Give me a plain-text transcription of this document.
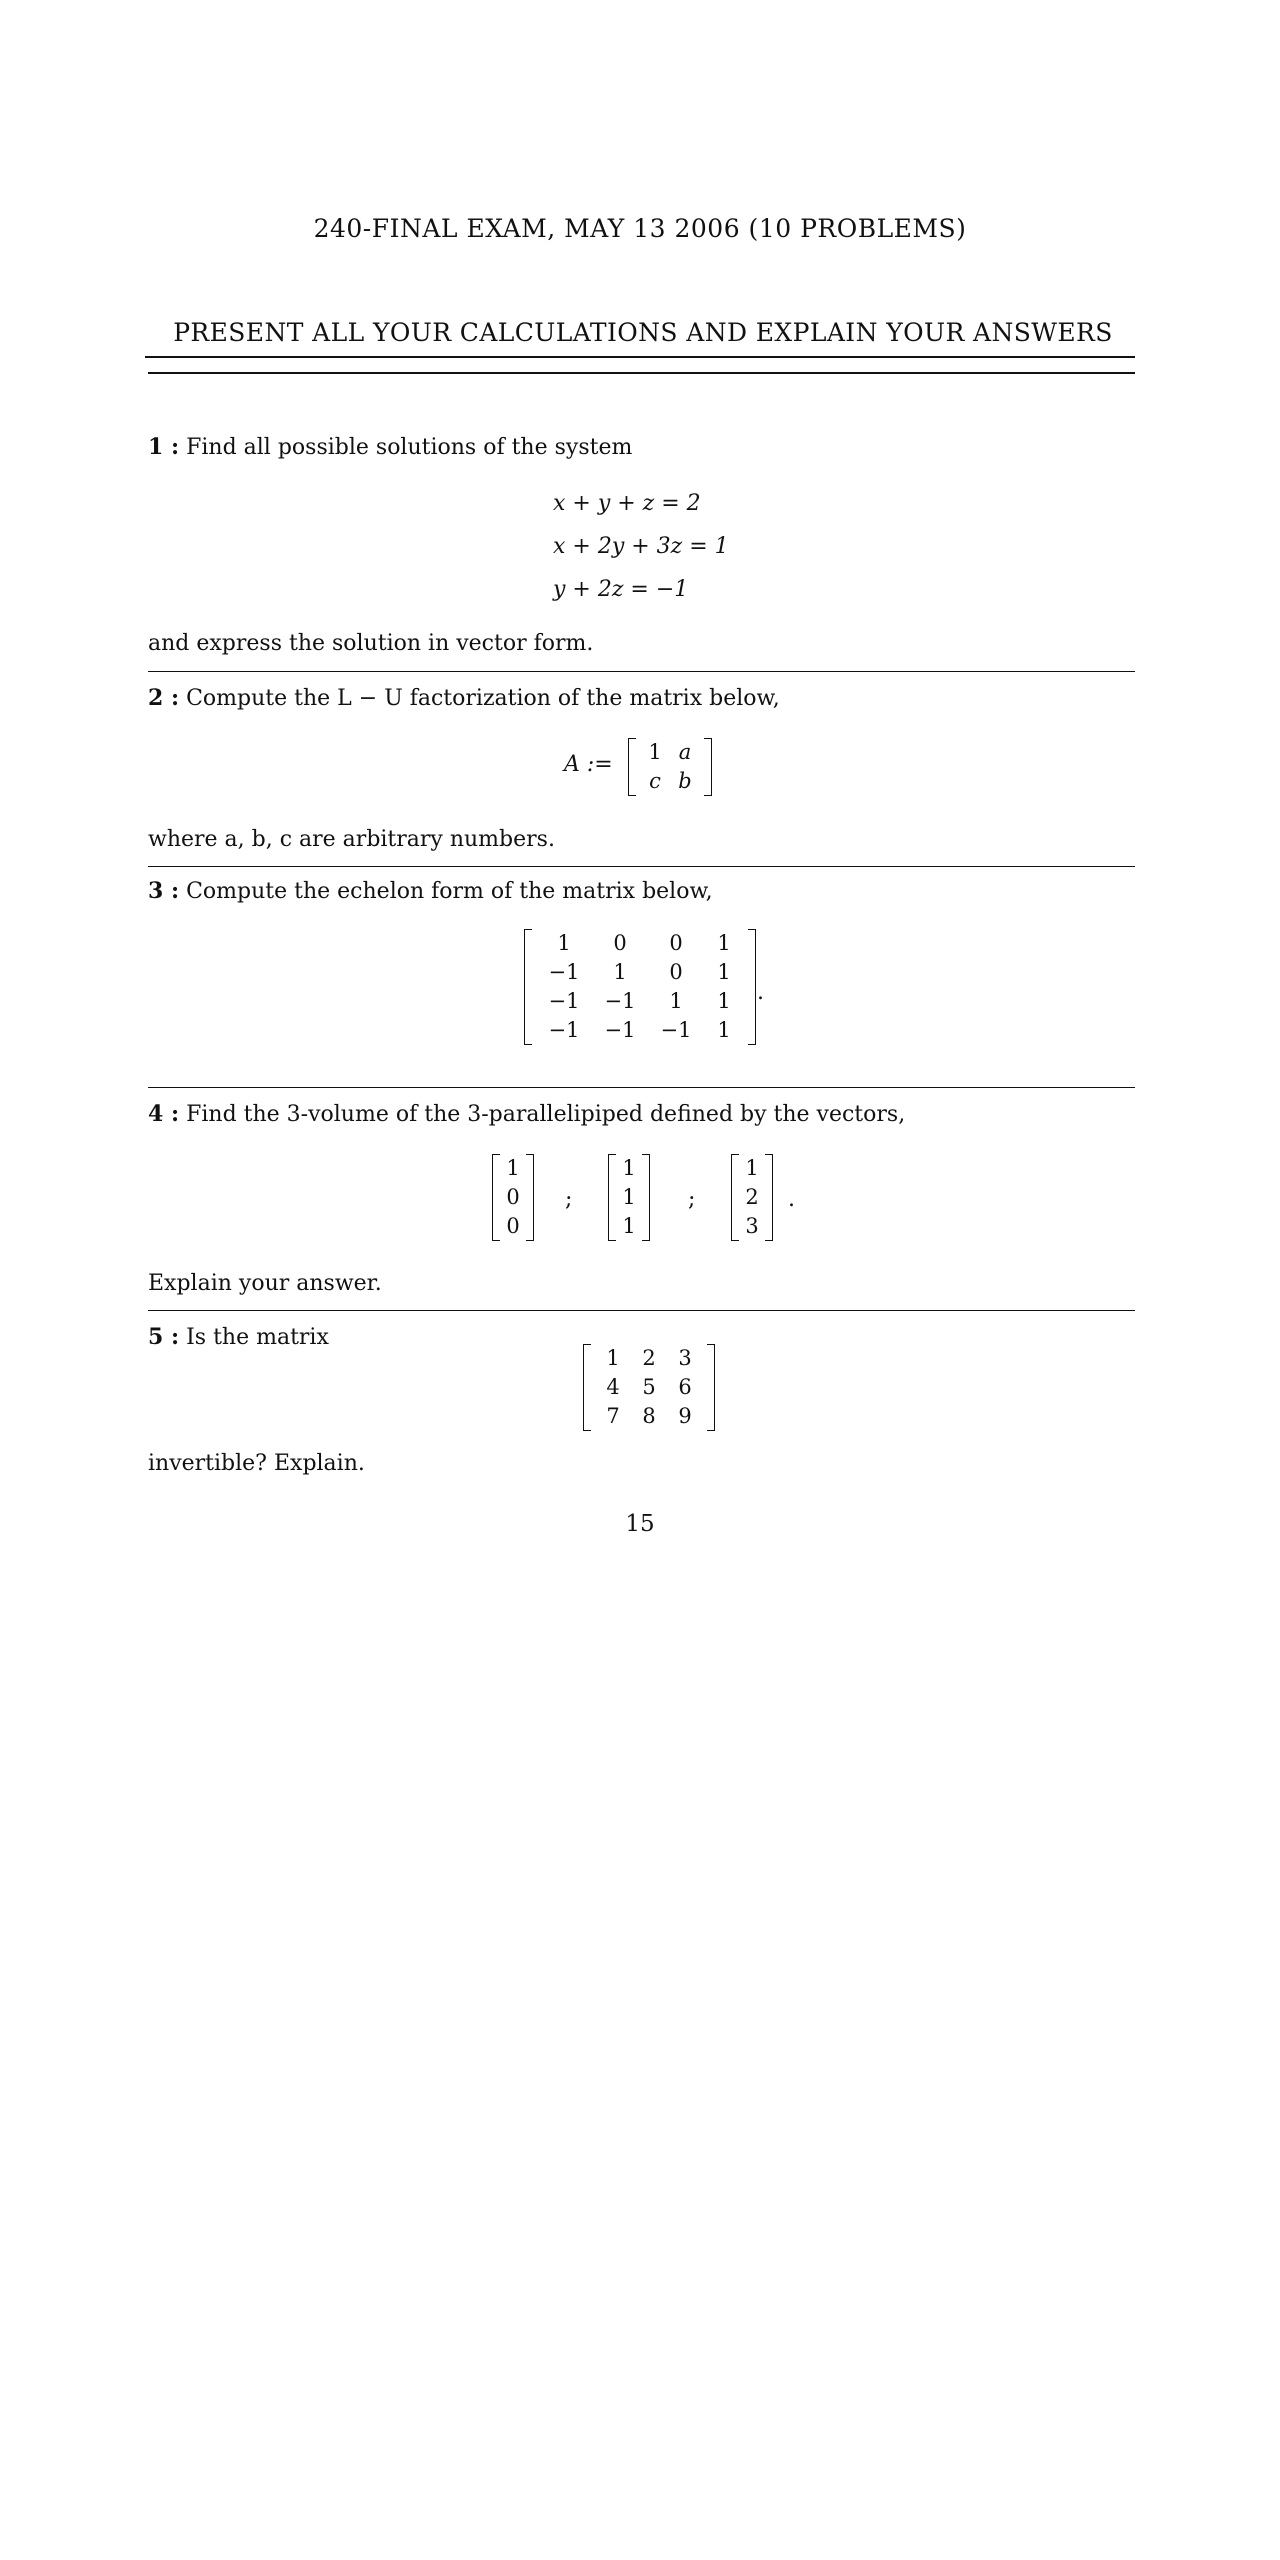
240-FINAL EXAM, MAY 13 2006 (10 PROBLEMS)
PRESENT ALL YOUR CALCULATIONS AND EXPLAIN YOUR ANSWERS
1 : Find all possible solutions of the system
x + y + z = 2
x + 2y + 3z = 1
y + 2z = −1
and express the solution in vector form.
2 : Compute the L − U factorization of the matrix below,
A :=	1 a
c b
where a, b, c are arbitrary numbers.
3 : Compute the echelon form of the matrix below,
1	0	0	1
−1	1	0	1
−1	−1	1	1
−1	−1	−1	1
.
4 : Find the 3-volume of the 3-parallelipiped defined by the vectors,
1
0
0
;
1
1
1
;
1
2
3
.
Explain your answer.
5 : Is the matrix
1	2	3
4	5	6
7	8	9
invertible? Explain.
15
